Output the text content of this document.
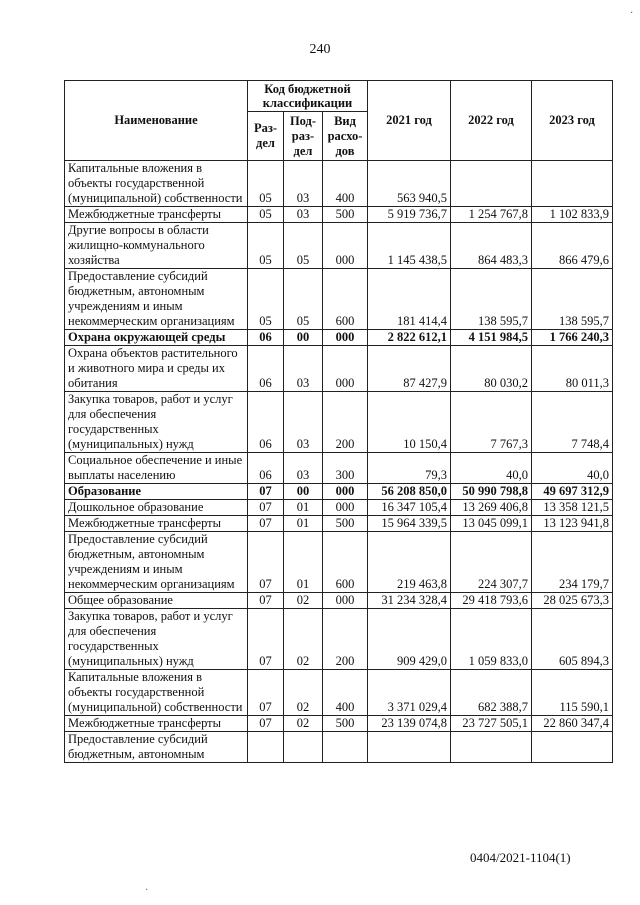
240
Наименование	Код бюджетной классификации			2021 год	2022 год	2023 год
	Раз- дел	Под- раз- дел	Вид расхо- дов			
Капитальные вложения в объекты государственной (муниципальной) собственности	05	03	400	563 940,5		
Межбюджетные трансферты	05	03	500	5 919 736,7	1 254 767,8	1 102 833,9
Другие вопросы в области жилищно-коммунального хозяйства	05	05	000	1 145 438,5	864 483,3	866 479,6
Предоставление субсидий бюджетным, автономным учреждениям и иным некоммерческим организациям	05	05	600	181 414,4	138 595,7	138 595,7
Охрана окружающей среды	06	00	000	2 822 612,1	4 151 984,5	1 766 240,3
Охрана объектов растительного и животного мира и среды их обитания	06	03	000	87 427,9	80 030,2	80 011,3
Закупка товаров, работ и услуг для обеспечения государственных (муниципальных) нужд	06	03	200	10 150,4	7 767,3	7 748,4
Социальное обеспечение и иные выплаты населению	06	03	300	79,3	40,0	40,0
Образование	07	00	000	56 208 850,0	50 990 798,8	49 697 312,9
Дошкольное образование	07	01	000	16 347 105,4	13 269 406,8	13 358 121,5
Межбюджетные трансферты	07	01	500	15 964 339,5	13 045 099,1	13 123 941,8
Предоставление субсидий бюджетным, автономным учреждениям и иным некоммерческим организациям	07	01	600	219 463,8	224 307,7	234 179,7
Общее образование	07	02	000	31 234 328,4	29 418 793,6	28 025 673,3
Закупка товаров, работ и услуг для обеспечения государственных (муниципальных) нужд	07	02	200	909 429,0	1 059 833,0	605 894,3
Капитальные вложения в объекты государственной (муниципальной) собственности	07	02	400	3 371 029,4	682 388,7	115 590,1
Межбюджетные трансферты	07	02	500	23 139 074,8	23 727 505,1	22 860 347,4
Предоставление субсидий бюджетным, автономным						
·
·
0404/2021-1104(1)
